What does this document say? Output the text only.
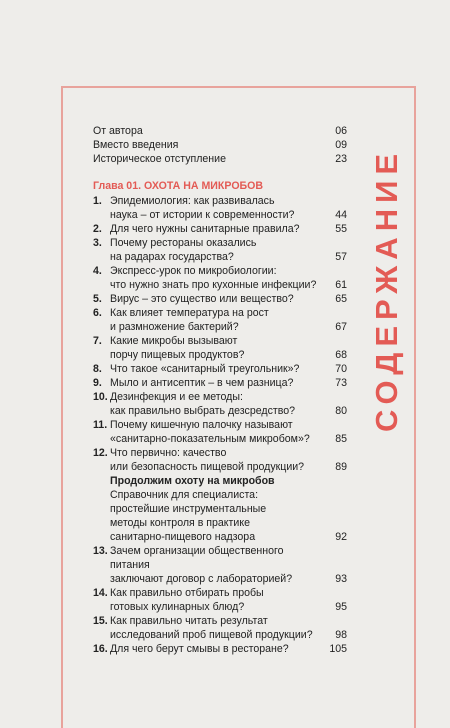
СОДЕРЖАНИЕ
От автора	06
Вместо введения	09
Историческое отступление	23
Глава 01. ОХОТА НА МИКРОБОВ
1. Эпидемиология: как развивалась
наука – от истории к современности?	44
2. Для чего нужны санитарные правила?	55
3. Почему рестораны оказались
на радарах государства?	57
4. Экспресс-урок по микробиологии:
что нужно знать про кухонные инфекции?	61
5. Вирус – это существо или вещество?	65
6. Как влияет температура на рост
и размножение бактерий?	67
7. Какие микробы вызывают
порчу пищевых продуктов?	68
8. Что такое «санитарный треугольник»?	70
9. Мыло и антисептик – в чем разница?	73
10. Дезинфекция и ее методы:
как правильно выбрать дезсредство?	80
11. Почему кишечную палочку называют
«санитарно-показательным микробом»?	85
12. Что первично: качество
или безопасность пищевой продукции?	89
Продолжим охоту на микробов
Справочник для специалиста:
простейшие инструментальные
методы контроля в практике
санитарно-пищевого надзора	92
13. Зачем организации общественного питания
заключают договор с лабораторией?	93
14. Как правильно отбирать пробы
готовых кулинарных блюд?	95
15. Как правильно читать результат
исследований проб пищевой продукции?	98
16. Для чего берут смывы в ресторане?	105
